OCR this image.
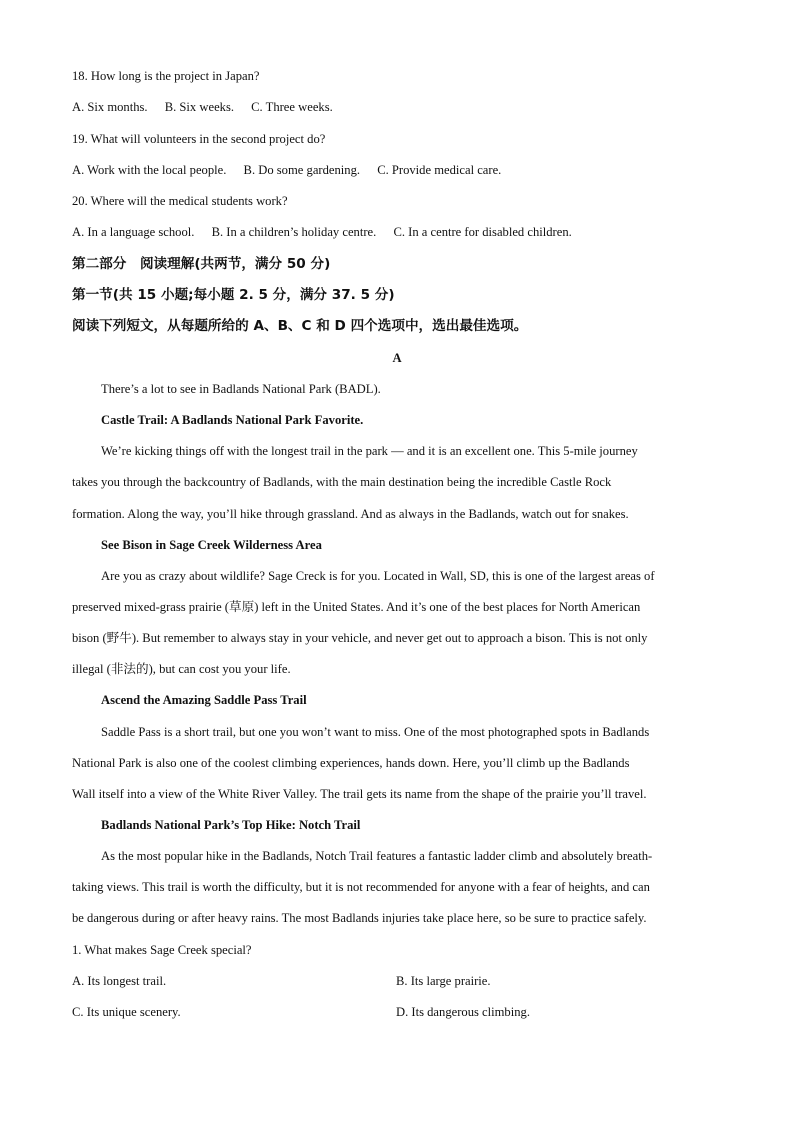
18. How long is the project in Japan?
A. Six months. B. Six weeks. C. Three weeks.
19. What will volunteers in the second project do?
A. Work with the local people. B. Do some gardening. C. Provide medical care.
20. Where will the medical students work?
A. In a language school. B. In a children’s holiday centre. C. In a centre for disabled children.
第二部分　阅读理解(共两节，满分 50 分)
第一节(共 15 小题;每小题 2. 5 分，满分 37. 5 分)
阅读下列短文，从每题所给的 A、B、C 和 D 四个选项中，选出最佳选项。
A
There’s a lot to see in Badlands National Park (BADL).
Castle Trail: A Badlands National Park Favorite.
We’re kicking things off with the longest trail in the park — and it is an excellent one. This 5-mile journey
takes you through the backcountry of Badlands, with the main destination being the incredible Castle Rock
formation. Along the way, you’ll hike through grassland. And as always in the Badlands, watch out for snakes.
See Bison in Sage Creek Wilderness Area
Are you as crazy about wildlife? Sage Creck is for you. Located in Wall, SD, this is one of the largest areas of
preserved mixed-grass prairie (草原) left in the United States. And it’s one of the best places for North American
bison (野牛). But remember to always stay in your vehicle, and never get out to approach a bison. This is not only
illegal (非法的), but can cost you your life.
Ascend the Amazing Saddle Pass Trail
Saddle Pass is a short trail, but one you won’t want to miss. One of the most photographed spots in Badlands
National Park is also one of the coolest climbing experiences, hands down. Here, you’ll climb up the Badlands
Wall itself into a view of the White River Valley. The trail gets its name from the shape of the prairie you’ll travel.
Badlands National Park’s Top Hike: Notch Trail
As the most popular hike in the Badlands, Notch Trail features a fantastic ladder climb and absolutely breath-
taking views. This trail is worth the difficulty, but it is not recommended for anyone with a fear of heights, and can
be dangerous during or after heavy rains. The most Badlands injuries take place here, so be sure to practice safely.
1. What makes Sage Creek special?
A. Its longest trail.	B. Its large prairie.
C. Its unique scenery.	D. Its dangerous climbing.
